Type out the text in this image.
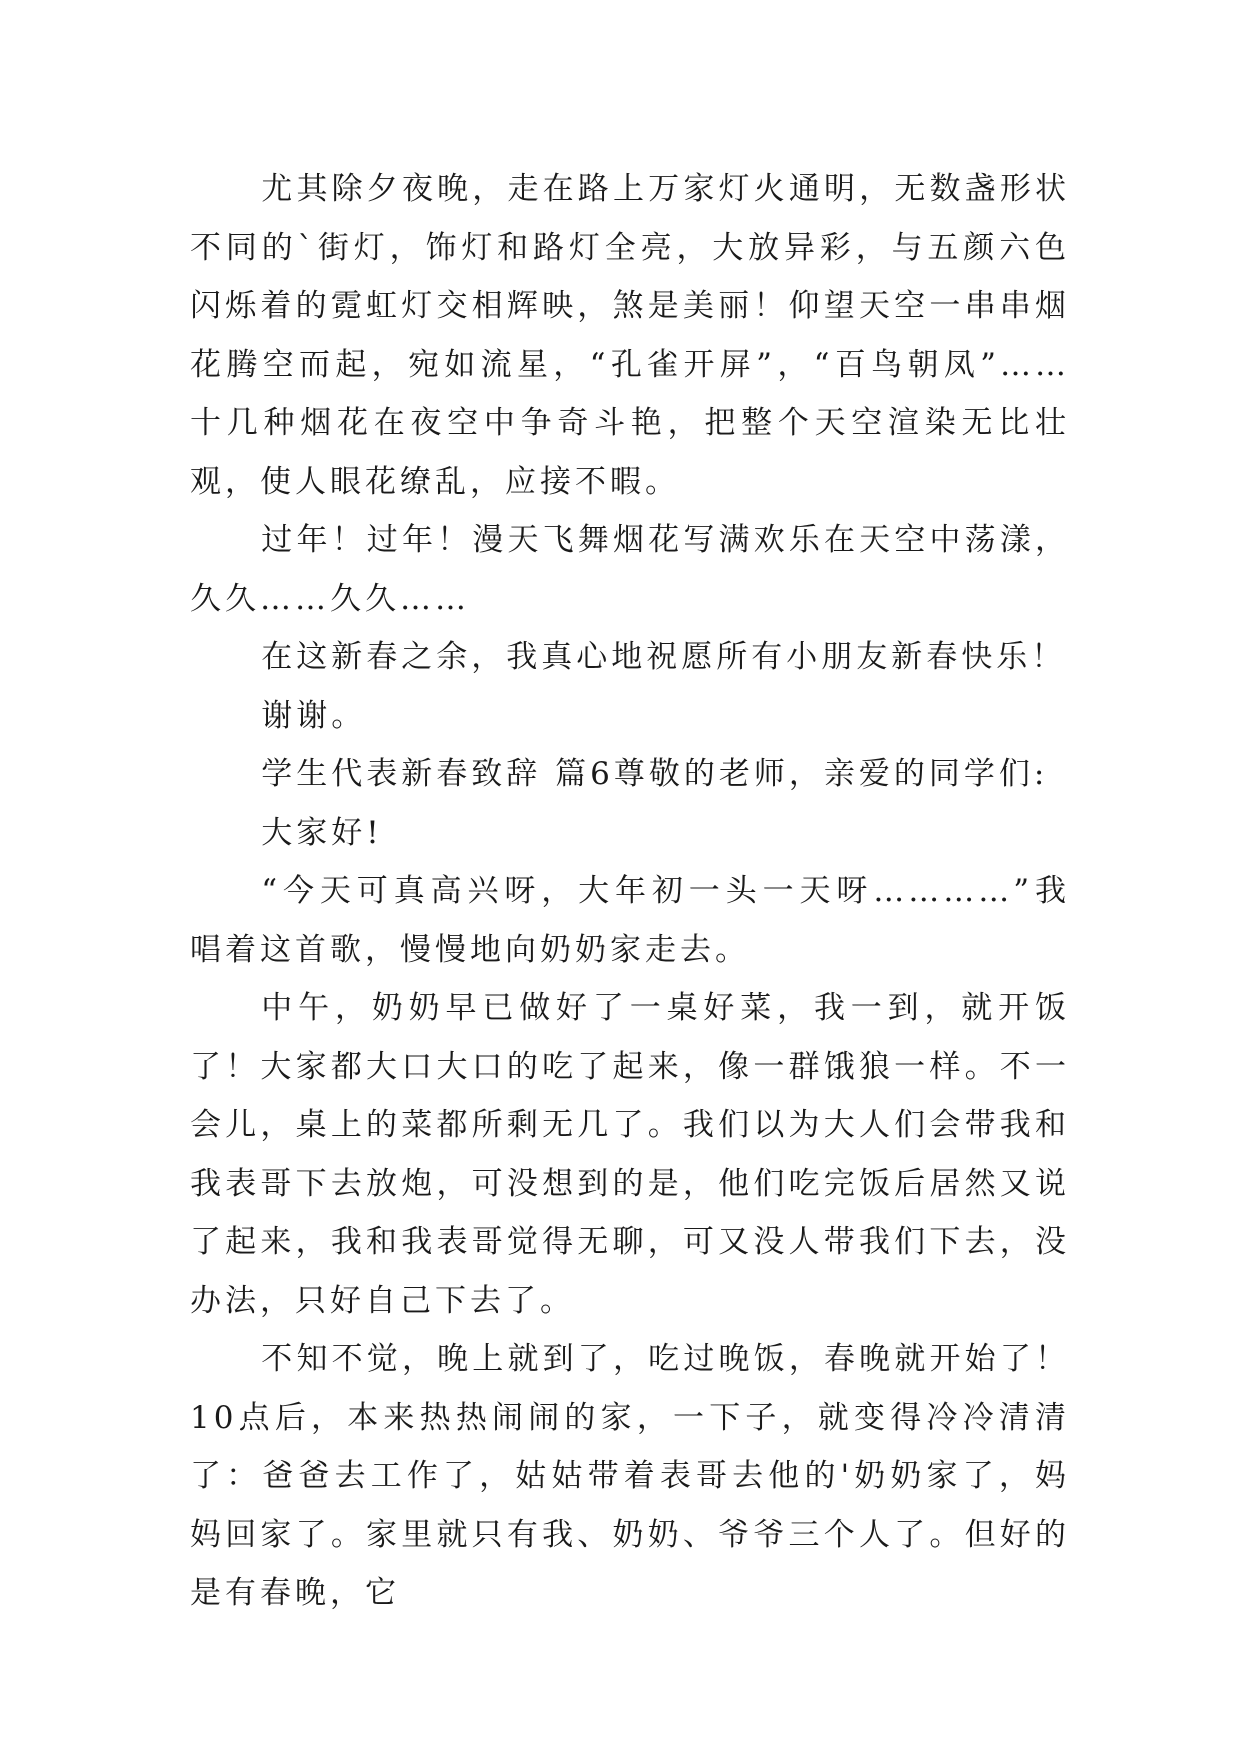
尤其除夕夜晚，走在路上万家灯火通明，无数盏形状不同的`街灯，饰灯和路灯全亮，大放异彩，与五颜六色闪烁着的霓虹灯交相辉映，煞是美丽！仰望天空一串串烟花腾空而起，宛如流星，“孔雀开屏”，“百鸟朝凤”……十几种烟花在夜空中争奇斗艳，把整个天空渲染无比壮观，使人眼花缭乱，应接不暇。

过年！过年！漫天飞舞烟花写满欢乐在天空中荡漾，久久……久久……

在这新春之余，我真心地祝愿所有小朋友新春快乐！

谢谢。

学生代表新春致辞 篇6尊敬的老师，亲爱的同学们:

大家好!

“今天可真高兴呀，大年初一头一天呀…………”我唱着这首歌，慢慢地向奶奶家走去。

中午，奶奶早已做好了一桌好菜，我一到，就开饭了！大家都大口大口的吃了起来，像一群饿狼一样。不一会儿，桌上的菜都所剩无几了。我们以为大人们会带我和我表哥下去放炮，可没想到的是，他们吃完饭后居然又说了起来，我和我表哥觉得无聊，可又没人带我们下去，没办法，只好自己下去了。

不知不觉，晚上就到了，吃过晚饭，春晚就开始了！10点后，本来热热闹闹的家，一下子，就变得冷冷清清了：爸爸去工作了，姑姑带着表哥去他的'奶奶家了，妈妈回家了。家里就只有我、奶奶、爷爷三个人了。但好的是有春晚，它
